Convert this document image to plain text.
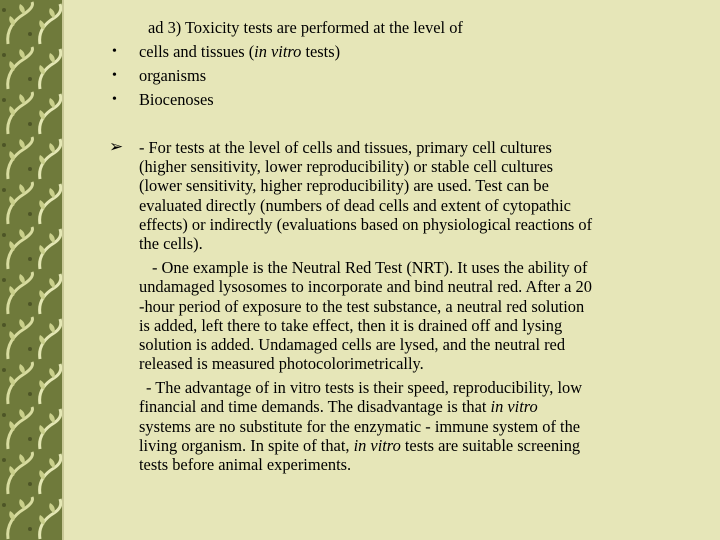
ad 3) Toxicity tests are performed at the level of
• cells and tissues (in vitro tests)
• organisms
• Biocenoses
➢ - For tests at the level of cells and tissues, primary cell cultures
(higher sensitivity, lower reproducibility) or stable cell cultures
(lower sensitivity, higher reproducibility) are used. Test can be
evaluated directly (numbers of dead cells and extent of cytopathic
effects) or indirectly (evaluations based on physiological reactions of
the cells).
- One example is the Neutral Red Test (NRT). It uses the ability of
undamaged lysosomes to incorporate and bind neutral red. After a 20
-hour period of exposure to the test substance, a neutral red solution
is added, left there to take effect, then it is drained off and lysing
solution is added. Undamaged cells are lysed, and the neutral red
released is measured photocolorimetrically.
- The advantage of in vitro tests is their speed, reproducibility, low
financial and time demands. The disadvantage is that in vitro
systems are no substitute for the enzymatic - immune system of the
living organism. In spite of that, in vitro tests are suitable screening
tests before animal experiments.
